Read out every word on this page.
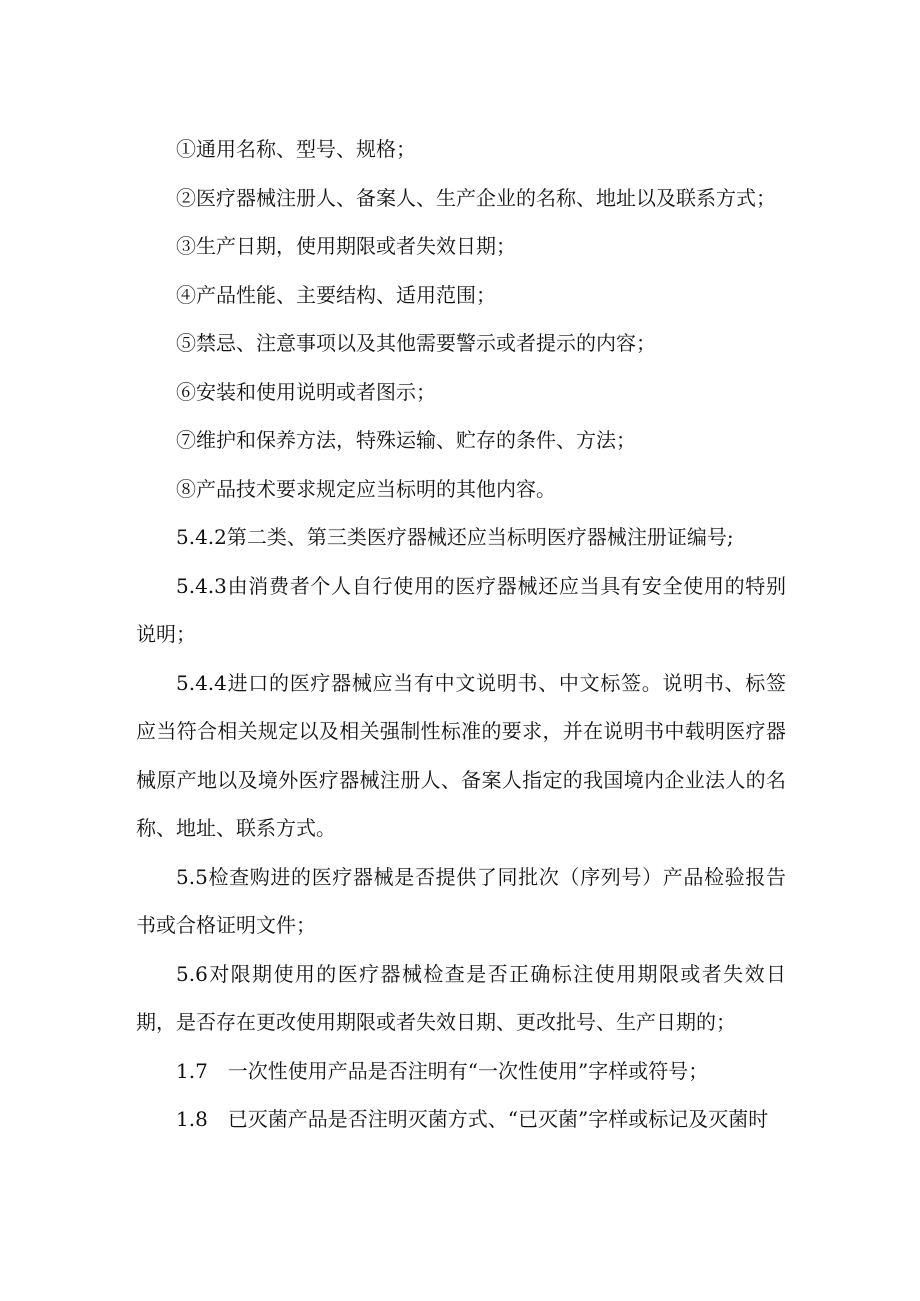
①通用名称、型号、规格；

②医疗器械注册人、备案人、生产企业的名称、地址以及联系方式；

③生产日期，使用期限或者失效日期；

④产品性能、主要结构、适用范围；

⑤禁忌、注意事项以及其他需要警示或者提示的内容；

⑥安装和使用说明或者图示；

⑦维护和保养方法，特殊运输、贮存的条件、方法；

⑧产品技术要求规定应当标明的其他内容。

5.4.2第二类、第三类医疗器械还应当标明医疗器械注册证编号;

5.4.3由消费者个人自行使用的医疗器械还应当具有安全使用的特别说明；

5.4.4进口的医疗器械应当有中文说明书、中文标签。说明书、标签应当符合相关规定以及相关强制性标准的要求，并在说明书中载明医疗器械原产地以及境外医疗器械注册人、备案人指定的我国境内企业法人的名称、地址、联系方式。

5.5检查购进的医疗器械是否提供了同批次（序列号）产品检验报告书或合格证明文件；

5.6对限期使用的医疗器械检查是否正确标注使用期限或者失效日期，是否存在更改使用期限或者失效日期、更改批号、生产日期的；

1.7　一次性使用产品是否注明有“一次性使用”字样或符号；

1.8　已灭菌产品是否注明灭菌方式、“已灭菌”字样或标记及灭菌时
